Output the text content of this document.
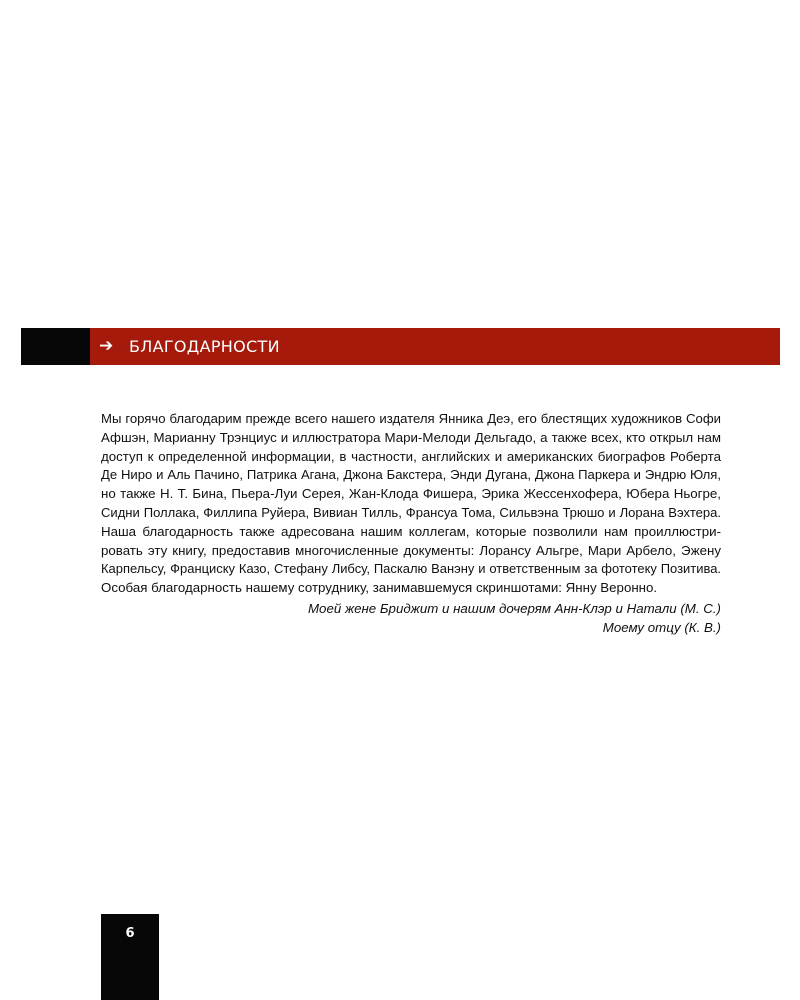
➔ БЛАГОДАРНОСТИ
Мы горячо благодарим прежде всего нашего издателя Янника Деэ, его блестящих художников Софи
Афшэн, Марианну Трэнциус и иллюстратора Мари-Мелоди Дельгадо, а также всех, кто открыл нам
доступ к определенной информации, в частности, английских и американских биографов Роберта
Де Ниро и Аль Пачино, Патрика Агана, Джона Бакстера, Энди Дугана, Джона Паркера и Эндрю Юля,
но также Н. Т. Бина, Пьера-Луи Серея, Жан-Клода Фишера, Эрика Жессенхофера, Юбера Ньогре,
Сидни Поллака, Филлипа Руйера, Вивиан Тилль, Франсуа Тома, Сильвэна Трюшо и Лорана Вэхтера.
Наша благодарность также адресована нашим коллегам, которые позволили нам проиллюстри-
ровать эту книгу, предоставив многочисленные документы: Лорансу Альгре, Мари Арбело, Эжену
Карпельсу, Франциску Казо, Стефану Либсу, Паскалю Ванэну и ответственным за фототеку Позитива.
Особая благодарность нашему сотруднику, занимавшемуся скриншотами: Янну Веронно.
Моей жене Бриджит и нашим дочерям Анн-Клэр и Натали (М. С.)
Моему отцу (К. В.)
6
